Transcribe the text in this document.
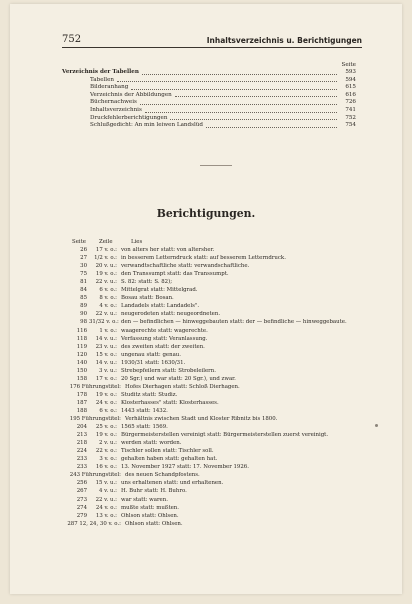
752	Inhaltsverzeichnis u. Berichtigungen
Seite
Verzeichnis der Tabellen	593
Tabellen	594
Bilderanhang	615
Verzeichnis der Abbildungen	616
Büchernachweis	726
Inhaltsverzeichnis	741
Druckfehlerberichtigungen	752
Schlußgedicht: An min leiwen Landslüd	754
Berichtigungen.
Seite	Zeile	Lies
26	17 v. o.: von alters her statt: von altersher.
27	1/2 v. o.: in besserem Letterndruck statt: auf besserem Letterndruck.
30	20 v. u.: verwandtschaftliche statt: verwandschaftliche.
75	19 v. o.: den Transsumpt statt: das Transsumpt.
81	22 v. u.: S. 82: statt: S. 82);
84	6 v. o.: Mittelgrat statt: Mittelgrad.
85	8 v. o.: Bosau statt: Bosan.
89	4 v. o.: Landadels statt: Landadels".
90	22 v. u.: neugerodeten statt: neugeordneten.
98 31/32 v. o.: den — befindlichen — hinweggebauten statt: der — befindliche — hinweggebaute.
116	1 v. o.: waagerechte statt: wagerechte.
118	14 v. u.: Verfassung statt: Veranlassung.
119	23 v. u.: des zweiten statt: der zweiten.
120	15 v. o.: ungenau statt: genau.
140	14 v. u.: 1930/31 statt: 1630/31.
150	3 v. u.: Strebepfeilern statt: Strobeleilern.
158	17 v. o.: 20 Sgr.) und war statt: 20 Sgr.), und zwar.
176 Führungstitel: Hofes Dierhagen statt: Schloß Dierhagen.
178	19 v. o.: Studitz statt: Studiz.
187	24 v. o.: Klosterhasses" statt: Klosterhasses.
188	6 v. o.: 1443 statt: 1432.
195 Führungstitel: Verhältnis zwischen Stadt und Kloster Ribnitz bis 1800.
204	25 v. o.: 1565 statt: 1569.
213	19 v. o.: Bürgermeisterstellen vereinigt statt: Bürgermeisterstellen zuerst vereinigt.
218	2 v. u.: werden statt: worden.
224	22 v. o.: Tischler sollen statt: Tischler soll.
233	3 v. o.: gehalten haben statt: gehalten hat.
233	16 v. o.: 13. November 1927 statt: 17. November 1926.
243 Führungstitel: des neuen Schandpfostens.
256	15 v. u.: uns erhaltenen statt: und erhaltenen.
267	4 v. u.: H. Buhr statt: H. Buhro.
273	22 v. u.: war statt: waren.
274	24 v. o.: mußte statt: mußten.
279	13 v. o.: Ohlson statt: Ohlsen.
287 12, 24, 30 v. o.: Ohlson statt: Ohlsen.
